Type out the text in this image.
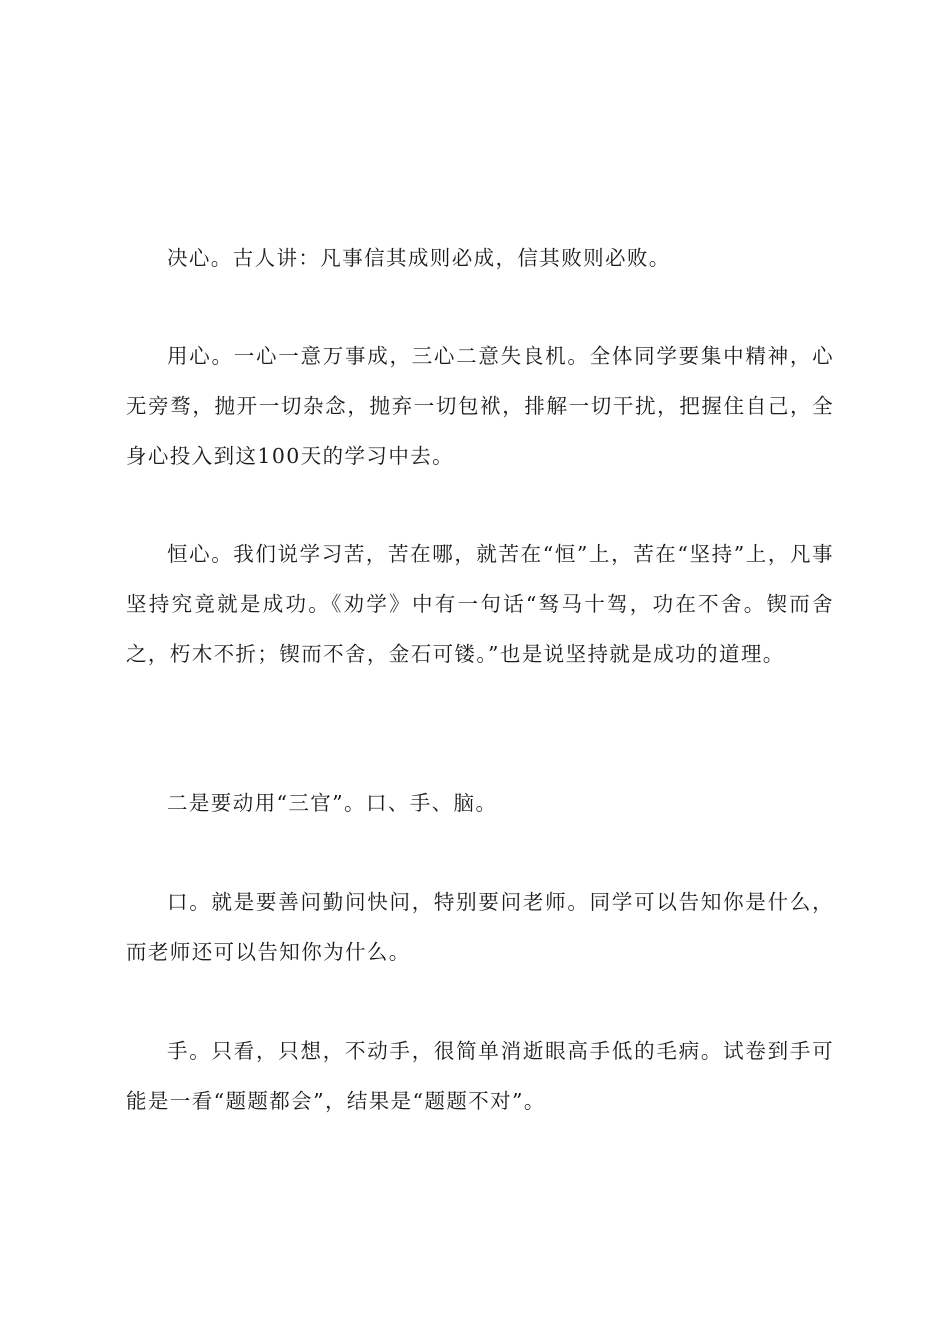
决心。古人讲：凡事信其成则必成，信其败则必败。

用心。一心一意万事成，三心二意失良机。全体同学要集中精神，心无旁骛，抛开一切杂念，抛弃一切包袱，排解一切干扰，把握住自己，全身心投入到这100天的学习中去。

恒心。我们说学习苦，苦在哪，就苦在“恒”上，苦在“坚持”上，凡事坚持究竟就是成功。《劝学》中有一句话“驽马十驾，功在不舍。锲而舍之，朽木不折；锲而不舍，金石可镂。”也是说坚持就是成功的道理。

二是要动用“三官”。口、手、脑。

口。就是要善问勤问快问，特别要问老师。同学可以告知你是什么，而老师还可以告知你为什么。

手。只看，只想，不动手，很简单消逝眼高手低的毛病。试卷到手可能是一看“题题都会”，结果是“题题不对”。
